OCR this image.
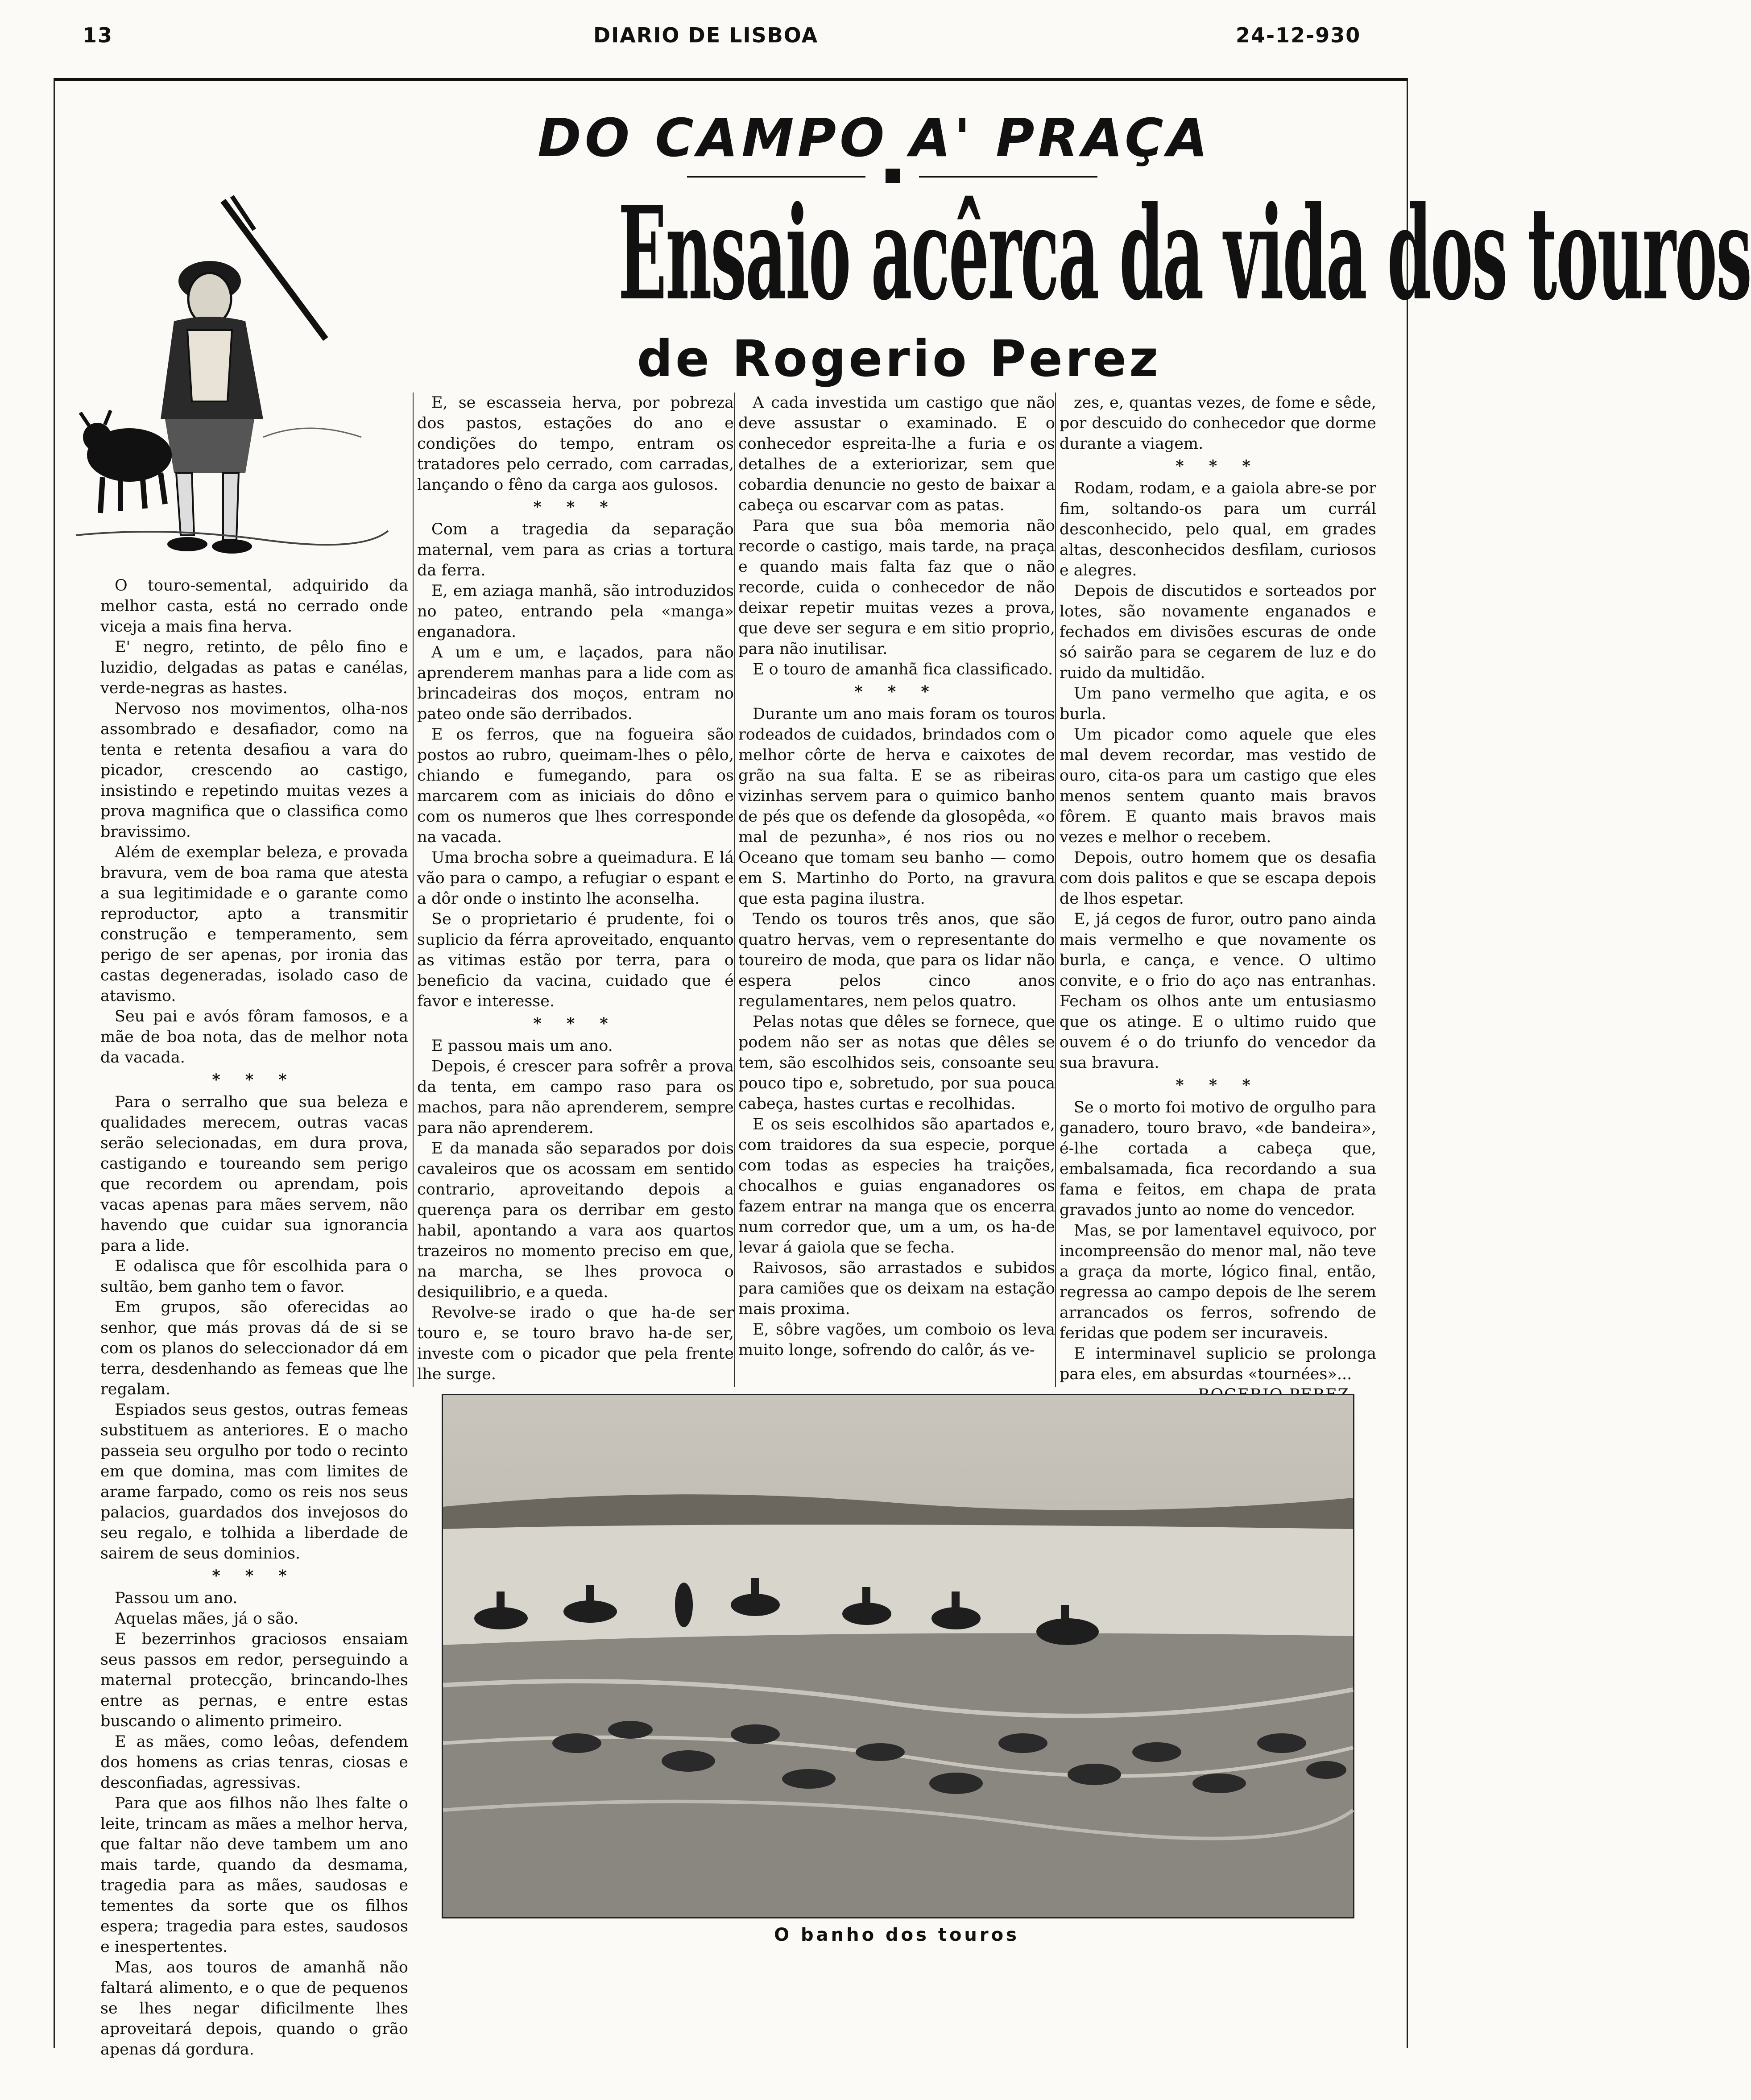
13	DIARIO DE LISBOA	24-12-930
DO CAMPO A' PRAÇA
Ensaio acêrca da vida dos touros
de Rogerio Perez

O touro-semental, adquirido da melhor casta, está no cerrado onde viceja a mais fina herva.

E' negro, retinto, de pêlo fino e luzidio, delgadas as patas e canélas, verde-negras as hastes.

Nervoso nos movimentos, olha-nos assombrado e desafiador, como na tenta e retenta desafiou a vara do picador, crescendo ao castigo, insistindo e repetindo muitas vezes a prova magnifica que o classifica como bravissimo.

Além de exemplar beleza, e provada bravura, vem de boa rama que atesta a sua legitimidade e o garante como reproductor, apto a transmitir construção e temperamento, sem perigo de ser apenas, por ironia das castas degeneradas, isolado caso de atavismo.

Seu pai e avós fôram famosos, e a mãe de boa nota, das de melhor nota da vacada.

* * *

Para o serralho que sua beleza e qualidades merecem, outras vacas serão selecionadas, em dura prova, castigando e toureando sem perigo que recordem ou aprendam, pois vacas apenas para mães servem, não havendo que cuidar sua ignorancia para a lide.

E odalisca que fôr escolhida para o sultão, bem ganho tem o favor.

Em grupos, são oferecidas ao senhor, que más provas dá de si se com os planos do seleccionador dá em terra, desdenhando as femeas que lhe regalam.

Espiados seus gestos, outras femeas substituem as anteriores. E o macho passeia seu orgulho por todo o recinto em que domina, mas com limites de arame farpado, como os reis nos seus palacios, guardados dos invejosos do seu regalo, e tolhida a liberdade de sairem de seus dominios.

* * *

Passou um ano.

Aquelas mães, já o são.

E bezerrinhos graciosos ensaiam seus passos em redor, perseguindo a maternal protecção, brincando-lhes entre as pernas, e entre estas buscando o alimento primeiro.

E as mães, como leôas, defendem dos homens as crias tenras, ciosas e desconfiadas, agressivas.

Para que aos filhos não lhes falte o leite, trincam as mães a melhor herva, que faltar não deve tambem um ano mais tarde, quando da desmama, tragedia para as mães, saudosas e tementes da sorte que os filhos espera; tragedia para estes, saudosos e inespertentes.

Mas, aos touros de amanhã não faltará alimento, e o que de pequenos se lhes negar dificilmente lhes aproveitará depois, quando o grão apenas dá gordura.

E, se escasseia herva, por pobreza dos pastos, estações do ano e condições do tempo, entram os tratadores pelo cerrado, com carradas, lançando o fêno da carga aos gulosos.

* * *

Com a tragedia da separação maternal, vem para as crias a tortura da ferra.

E, em aziaga manhã, são introduzidos no pateo, entrando pela «manga» enganadora.

A um e um, e laçados, para não aprenderem manhas para a lide com as brincadeiras dos moços, entram no pateo onde são derribados.

E os ferros, que na fogueira são postos ao rubro, queimam-lhes o pêlo, chiando e fumegando, para os marcarem com as iniciais do dôno e com os numeros que lhes corresponde na vacada.

Uma brocha sobre a queimadura. E lá vão para o campo, a refugiar o espant e a dôr onde o instinto lhe aconselha.

Se o proprietario é prudente, foi o suplicio da férra aproveitado, enquanto as vitimas estão por terra, para o beneficio da vacina, cuidado que é favor e interesse.

* * *

E passou mais um ano.

Depois, é crescer para sofrêr a prova da tenta, em campo raso para os machos, para não aprenderem, sempre para não aprenderem.

E da manada são separados por dois cavaleiros que os acossam em sentido contrario, aproveitando depois a querença para os derribar em gesto habil, apontando a vara aos quartos trazeiros no momento preciso em que, na marcha, se lhes provoca o desiquilibrio, e a queda.

Revolve-se irado o que ha-de ser touro e, se touro bravo ha-de ser, investe com o picador que pela frente lhe surge.

A cada investida um castigo que não deve assustar o examinado. E o conhecedor espreita-lhe a furia e os detalhes de a exteriorizar, sem que cobardia denuncie no gesto de baixar a cabeça ou escarvar com as patas.

Para que sua bôa memoria não recorde o castigo, mais tarde, na praça e quando mais falta faz que o não recorde, cuida o conhecedor de não deixar repetir muitas vezes a prova, que deve ser segura e em sitio proprio, para não inutilisar.

E o touro de amanhã fica classificado.

* * *

Durante um ano mais foram os touros rodeados de cuidados, brindados com o melhor côrte de herva e caixotes de grão na sua falta. E se as ribeiras vizinhas servem para o quimico banho de pés que os defende da glosopêda, «o mal de pezunha», é nos rios ou no Oceano que tomam seu banho — como em S. Martinho do Porto, na gravura que esta pagina ilustra.

Tendo os touros três anos, que são quatro hervas, vem o representante do toureiro de moda, que para os lidar não espera pelos cinco anos regulamentares, nem pelos quatro.

Pelas notas que dêles se fornece, que podem não ser as notas que dêles se tem, são escolhidos seis, consoante seu pouco tipo e, sobretudo, por sua pouca cabeça, hastes curtas e recolhidas.

E os seis escolhidos são apartados e, com traidores da sua especie, porque com todas as especies ha traições, chocalhos e guias enganadores os fazem entrar na manga que os encerra num corredor que, um a um, os ha-de levar á gaiola que se fecha.

Raivosos, são arrastados e subidos para camiões que os deixam na estação mais proxima.

E, sôbre vagões, um comboio os leva muito longe, sofrendo do calôr, ás ve-

zes, e, quantas vezes, de fome e sêde, por descuido do conhecedor que dorme durante a viagem.

* * *

Rodam, rodam, e a gaiola abre-se por fim, soltando-os para um currál desconhecido, pelo qual, em grades altas, desconhecidos desfilam, curiosos e alegres.

Depois de discutidos e sorteados por lotes, são novamente enganados e fechados em divisões escuras de onde só sairão para se cegarem de luz e do ruido da multidão.

Um pano vermelho que agita, e os burla.

Um picador como aquele que eles mal devem recordar, mas vestido de ouro, cita-os para um castigo que eles menos sentem quanto mais bravos fôrem. E quanto mais bravos mais vezes e melhor o recebem.

Depois, outro homem que os desafia com dois palitos e que se escapa depois de lhos espetar.

E, já cegos de furor, outro pano ainda mais vermelho e que novamente os burla, e cança, e vence. O ultimo convite, e o frio do aço nas entranhas. Fecham os olhos ante um entusiasmo que os atinge. E o ultimo ruido que ouvem é o do triunfo do vencedor da sua bravura.

* * *

Se o morto foi motivo de orgulho para ganadero, touro bravo, «de bandeira», é-lhe cortada a cabeça que, embalsamada, fica recordando a sua fama e feitos, em chapa de prata gravados junto ao nome do vencedor.

Mas, se por lamentavel equivoco, por incompreensão do menor mal, não teve a graça da morte, lógico final, então, regressa ao campo depois de lhe serem arrancados os ferros, sofrendo de feridas que podem ser incuraveis.

E interminavel suplicio se prolonga para eles, em absurdas «tournées»...

O banho dos touros
